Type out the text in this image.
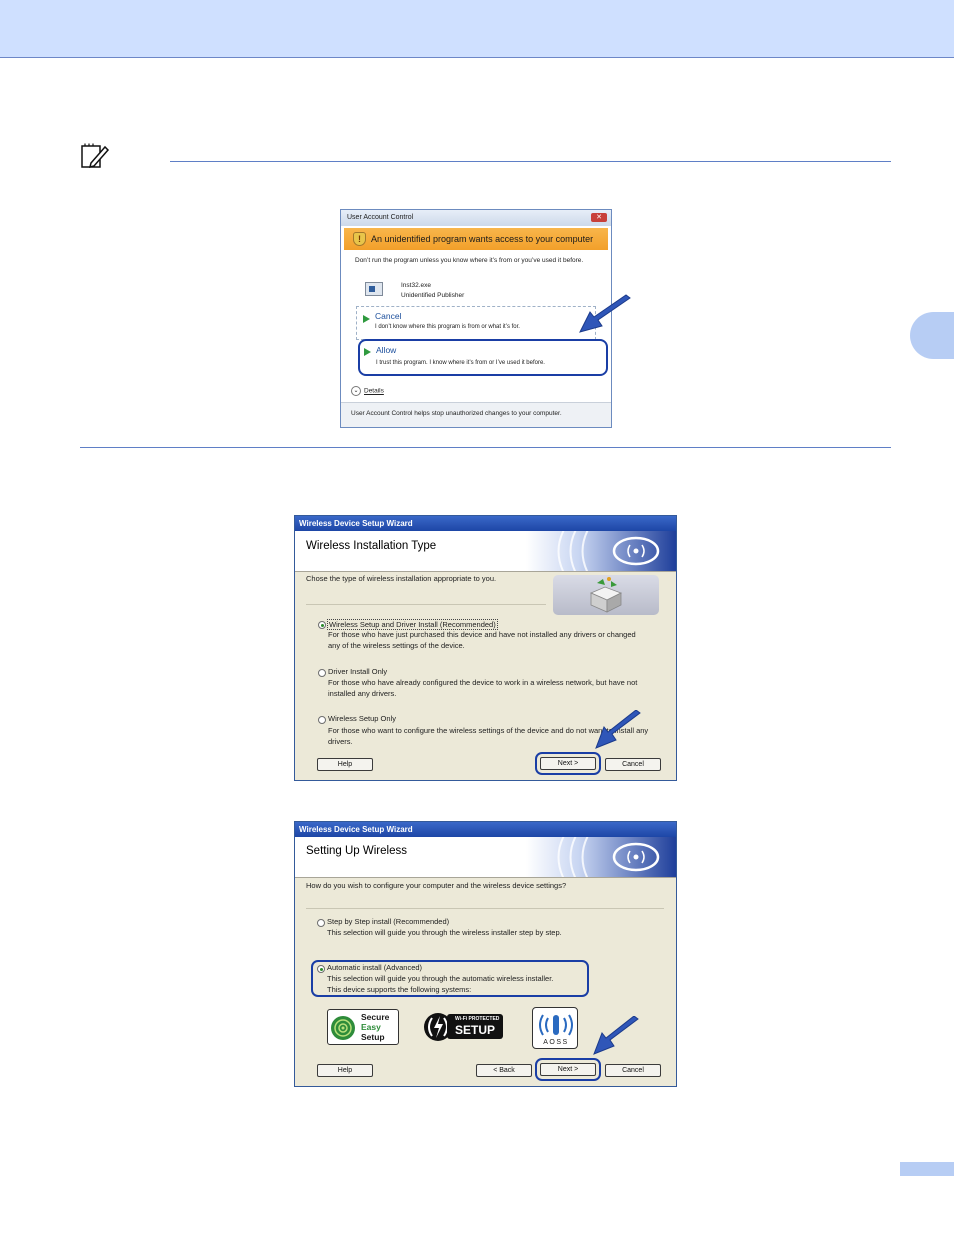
User Account Control	✕
!	An unidentified program wants access to your computer
Don’t run the program unless you know where it’s from or you’ve used it before.
Inst32.exe
Unidentified Publisher
Cancel
I don’t know where this program is from or what it’s for.
Allow
I trust this program. I know where it’s from or I’ve used it before.
⌄ Details
User Account Control helps stop unauthorized changes to your computer.
Wireless Device Setup Wizard
Wireless Installation Type
Chose the type of wireless installation appropriate to you.
Wireless Setup and Driver Install (Recommended)
For those who have just purchased this device and have not installed any drivers or changed any of the wireless settings of the device.
Driver Install Only
For those who have already configured the device to work in a wireless network, but have not installed any drivers.
Wireless Setup Only
For those who want to configure the wireless settings of the device and do not want to install any drivers.
Help	Next >	Cancel
Wireless Device Setup Wizard
Setting Up Wireless
How do you wish to configure your computer and the wireless device settings?
Step by Step install (Recommended)
This selection will guide you through the wireless installer step by step.
Automatic install (Advanced)
This selection will guide you through the automatic wireless installer.
This device supports the following systems:
Secure
Easy
Setup
Wi-Fi PROTECTED
SETUP
AOSS
Help	< Back	Next >	Cancel
